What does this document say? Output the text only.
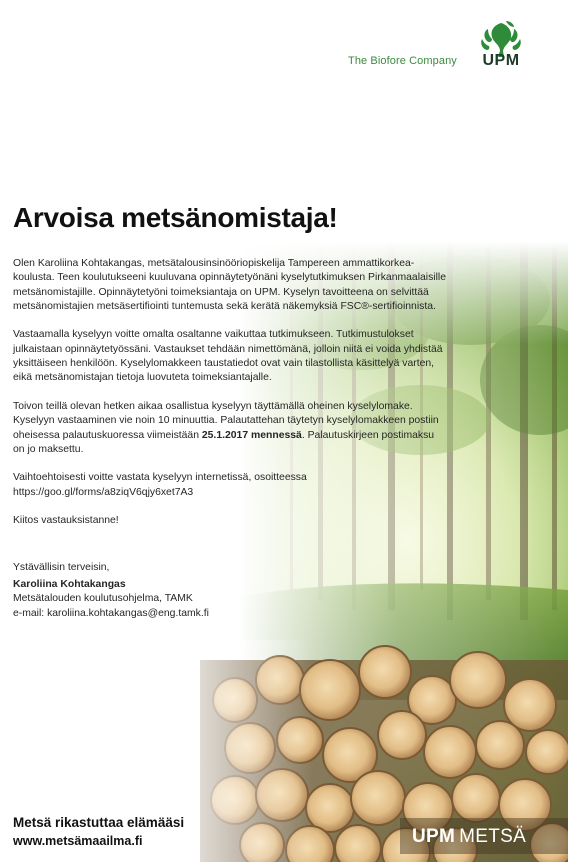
The Biofore Company	UPM
Arvoisa metsänomistaja!

Olen Karoliina Kohtakangas, metsätalousinsinööriopiskelija Tampereen ammattikorkea-
koulusta. Teen koulutukseeni kuuluvana opinnäytetyönäni kyselytutkimuksen Pirkanmaalaisille
metsänomistajille. Opinnäytetyöni toimeksiantaja on UPM. Kyselyn tavoitteena on selvittää
metsänomistajien metsäsertifiointi tuntemusta sekä kerätä näkemyksiä FSC®-sertifioinnista.

Vastaamalla kyselyyn voitte omalta osaltanne vaikuttaa tutkimukseen. Tutkimustulokset
julkaistaan opinnäytetyössäni. Vastaukset tehdään nimettömänä, jolloin niitä ei voida yhdistää
yksittäiseen henkilöön. Kyselylomakkeen taustatiedot ovat vain tilastollista käsittelyä varten,
eikä metsänomistajan tietoja luovuteta toimeksiantajalle.

Toivon teillä olevan hetken aikaa osallistua kyselyyn täyttämällä oheinen kyselylomake.
Kyselyyn vastaaminen vie noin 10 minuuttia. Palautattehan täytetyn kyselylomakkeen postiin
oheisessa palautuskuoressa viimeistään 25.1.2017 mennessä. Palautuskirjeen postimaksu
on jo maksettu.

Vaihtoehtoisesti voitte vastata kyselyyn internetissä, osoitteessa
https://goo.gl/forms/a8ziqV6qjy6xet7A3

Kiitos vastauksistanne!

Ystävällisin terveisin,
Karoliina Kohtakangas
Metsätalouden koulutusohjelma, TAMK
e-mail: karoliina.kohtakangas@eng.tamk.fi
Metsä rikastuttaa elämääsi
www.metsämaailma.fi	UPM METSÄ
